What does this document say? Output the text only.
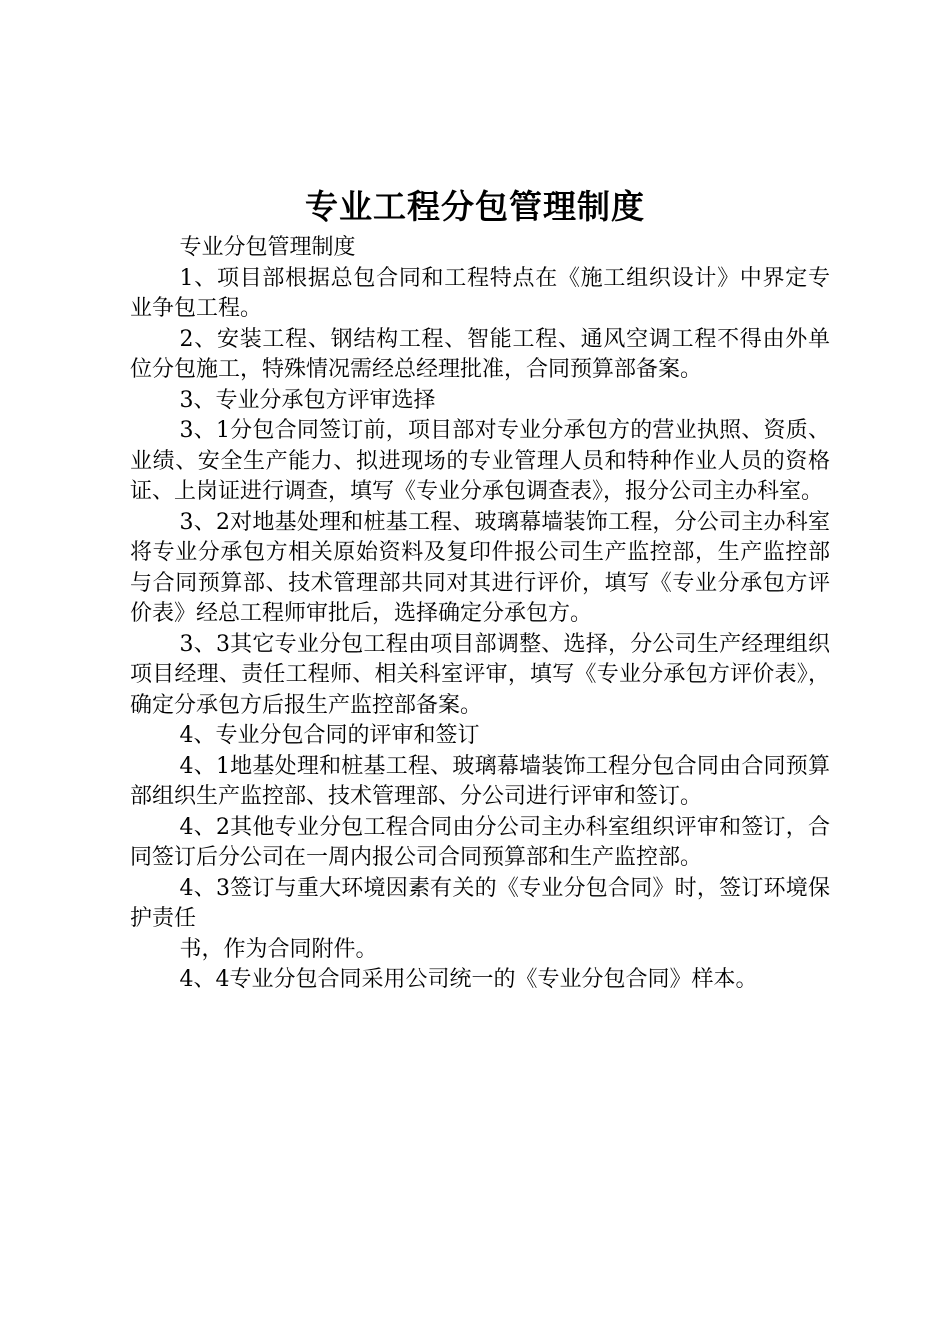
专业工程分包管理制度

专业分包管理制度

1、项目部根据总包合同和工程特点在《施工组织设计》中界定专业争包工程。

2、安装工程、钢结构工程、智能工程、通风空调工程不得由外单位分包施工，特殊情况需经总经理批准，合同预算部备案。

3、专业分承包方评审选择

3、1分包合同签订前，项目部对专业分承包方的营业执照、资质、业绩、安全生产能力、拟进现场的专业管理人员和特种作业人员的资格证、上岗证进行调查，填写《专业分承包调查表》，报分公司主办科室。

3、2对地基处理和桩基工程、玻璃幕墙装饰工程，分公司主办科室将专业分承包方相关原始资料及复印件报公司生产监控部，生产监控部与合同预算部、技术管理部共同对其进行评价，填写《专业分承包方评价表》经总工程师审批后，选择确定分承包方。

3、3其它专业分包工程由项目部调整、选择，分公司生产经理组织项目经理、责任工程师、相关科室评审，填写《专业分承包方评价表》，确定分承包方后报生产监控部备案。

4、专业分包合同的评审和签订

4、1地基处理和桩基工程、玻璃幕墙装饰工程分包合同由合同预算部组织生产监控部、技术管理部、分公司进行评审和签订。

4、2其他专业分包工程合同由分公司主办科室组织评审和签订，合同签订后分公司在一周内报公司合同预算部和生产监控部。

4、3签订与重大环境因素有关的《专业分包合同》时，签订环境保护责任

书，作为合同附件。

4、4专业分包合同采用公司统一的《专业分包合同》样本。
